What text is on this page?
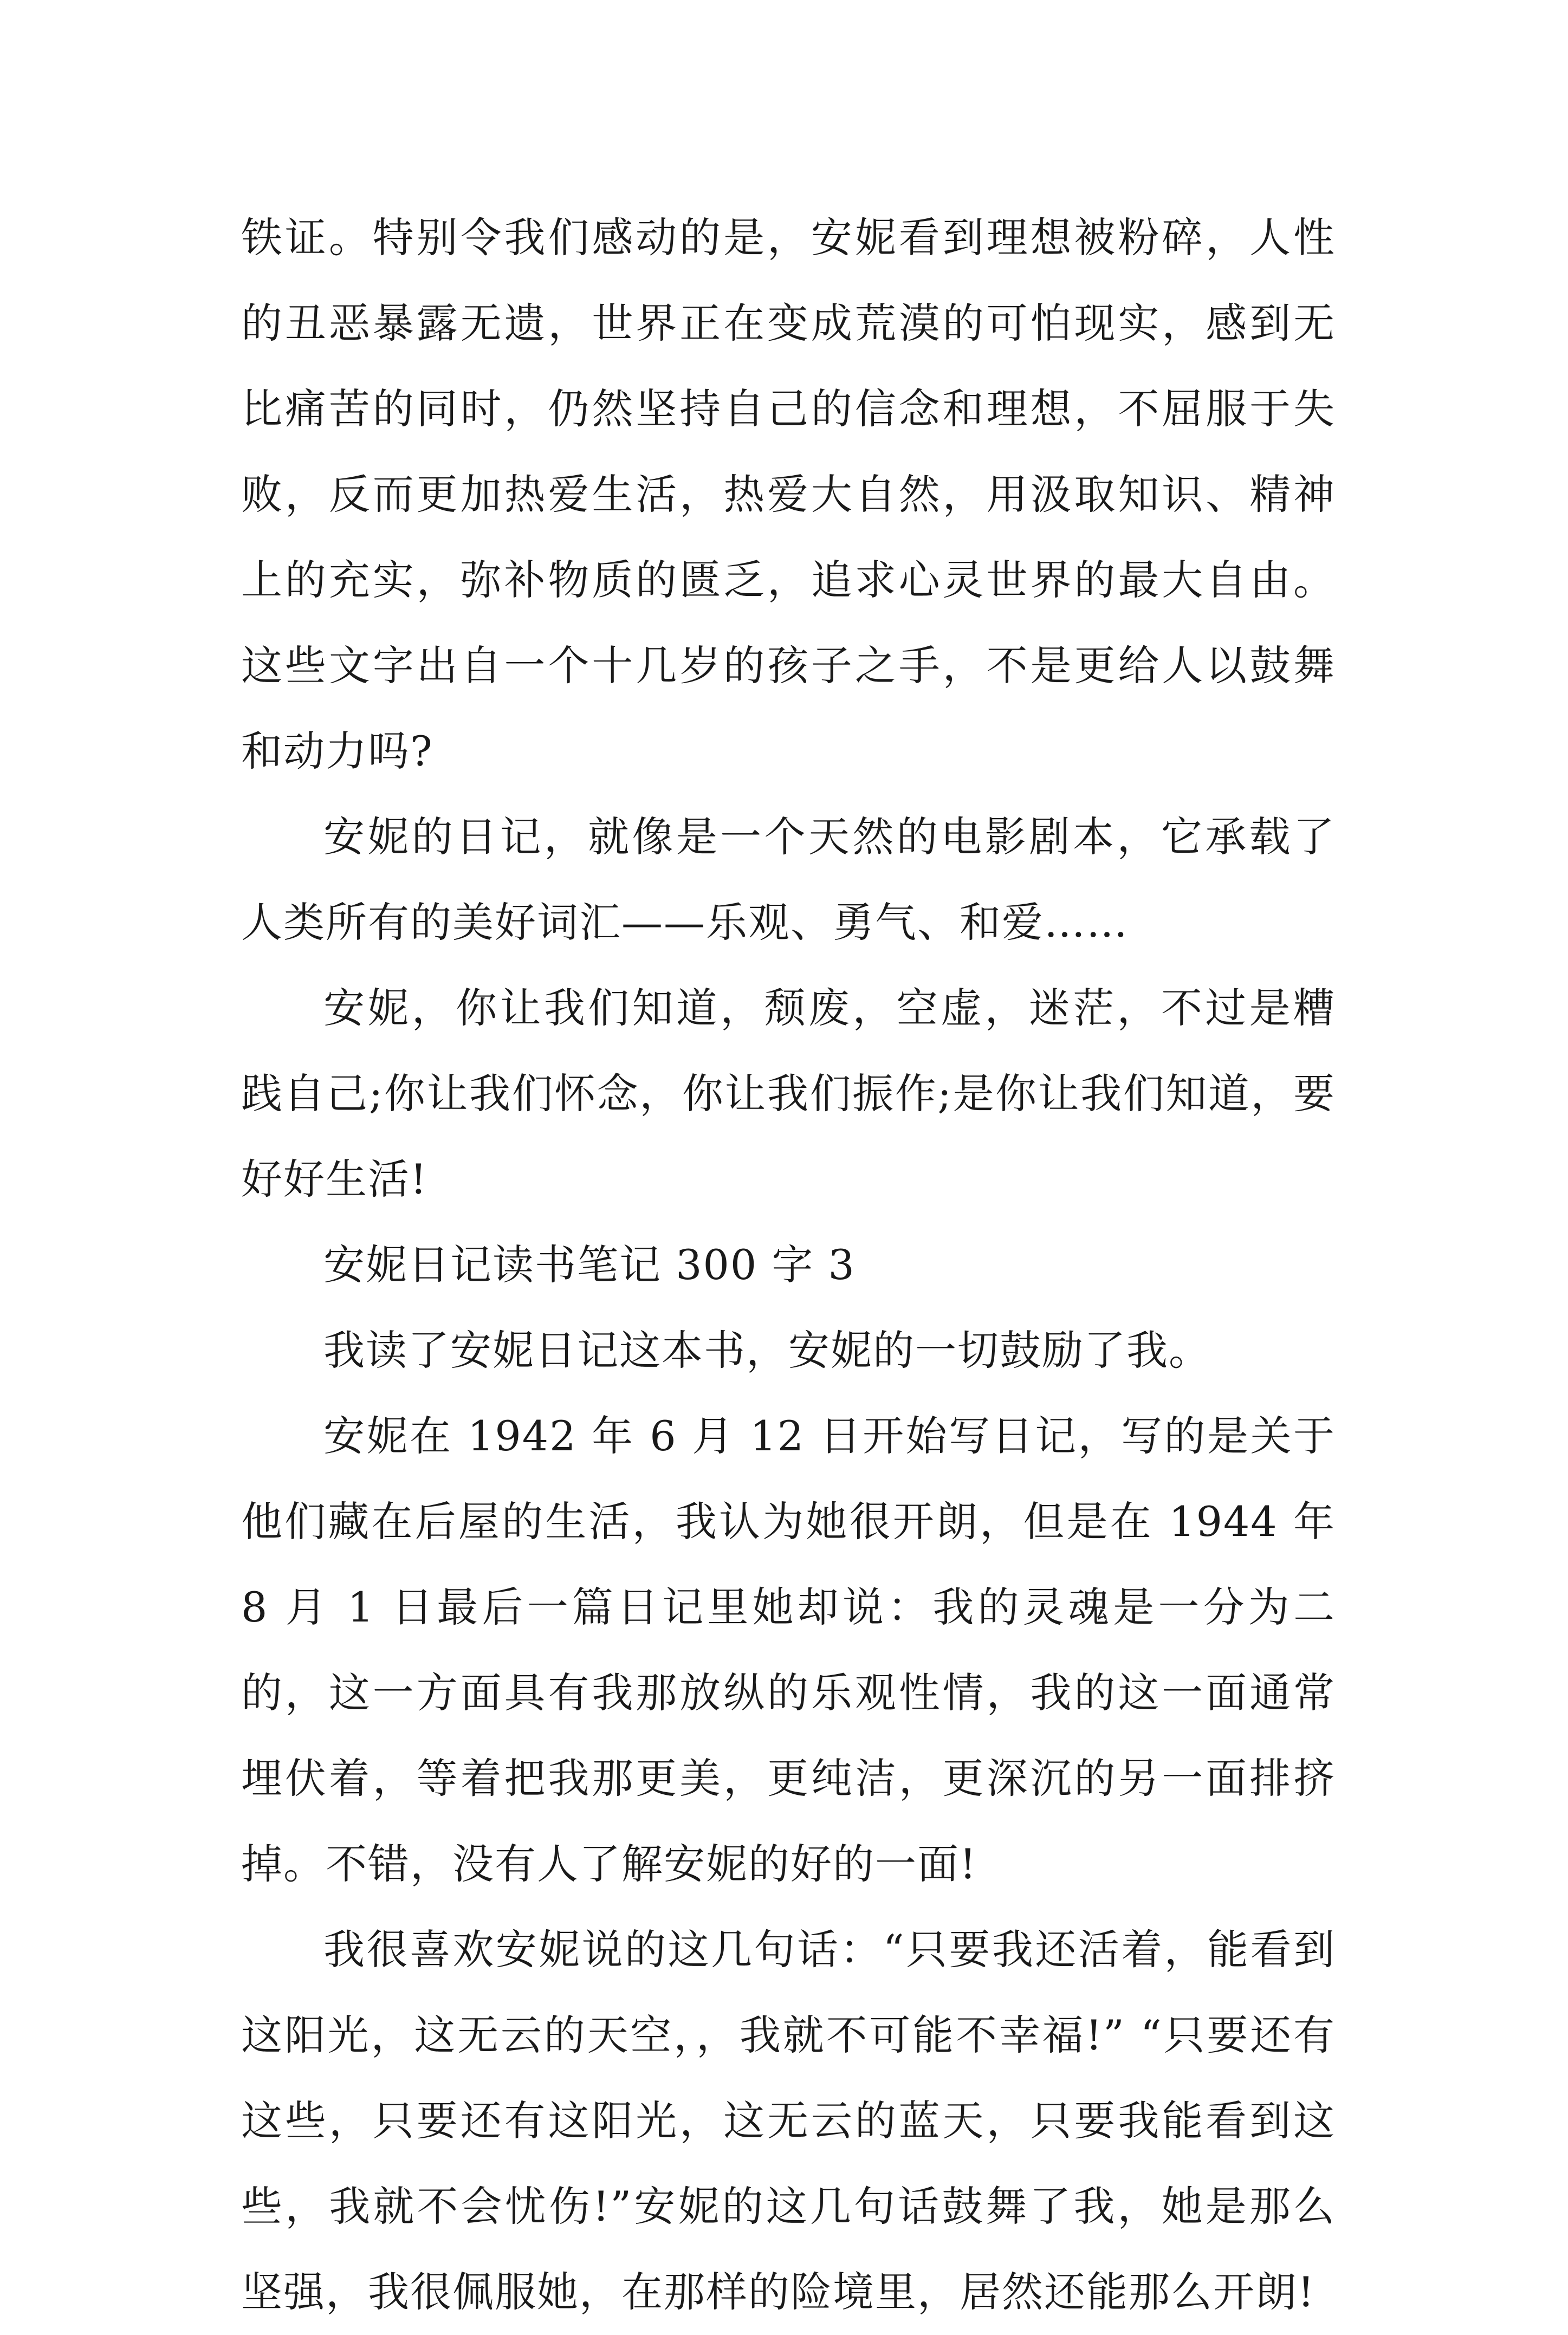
铁证。特别令我们感动的是，安妮看到理想被粉碎，人性的丑恶暴露无遗，世界正在变成荒漠的可怕现实，感到无比痛苦的同时，仍然坚持自己的信念和理想，不屈服于失败，反而更加热爱生活，热爱大自然，用汲取知识、精神上的充实，弥补物质的匮乏，追求心灵世界的最大自由。这些文字出自一个十几岁的孩子之手，不是更给人以鼓舞和动力吗?

安妮的日记，就像是一个天然的电影剧本，它承载了人类所有的美好词汇——乐观、勇气、和爱……

安妮，你让我们知道，颓废，空虚，迷茫，不过是糟践自己;你让我们怀念，你让我们振作;是你让我们知道，要好好生活!

安妮日记读书笔记 300 字 3

我读了安妮日记这本书，安妮的一切鼓励了我。

安妮在 1942 年 6 月 12 日开始写日记，写的是关于他们藏在后屋的生活，我认为她很开朗，但是在 1944 年 8 月 1 日最后一篇日记里她却说：我的灵魂是一分为二的，这一方面具有我那放纵的乐观性情，我的这一面通常埋伏着，等着把我那更美，更纯洁，更深沉的另一面排挤掉。不错，没有人了解安妮的好的一面!

我很喜欢安妮说的这几句话：“只要我还活着，能看到这阳光，这无云的天空，，我就不可能不幸福!” “只要还有这些，只要还有这阳光，这无云的蓝天，只要我能看到这些，我就不会忧伤!”安妮的这几句话鼓舞了我，她是那么坚强，我很佩服她，在那样的险境里，居然还能那么开朗!
